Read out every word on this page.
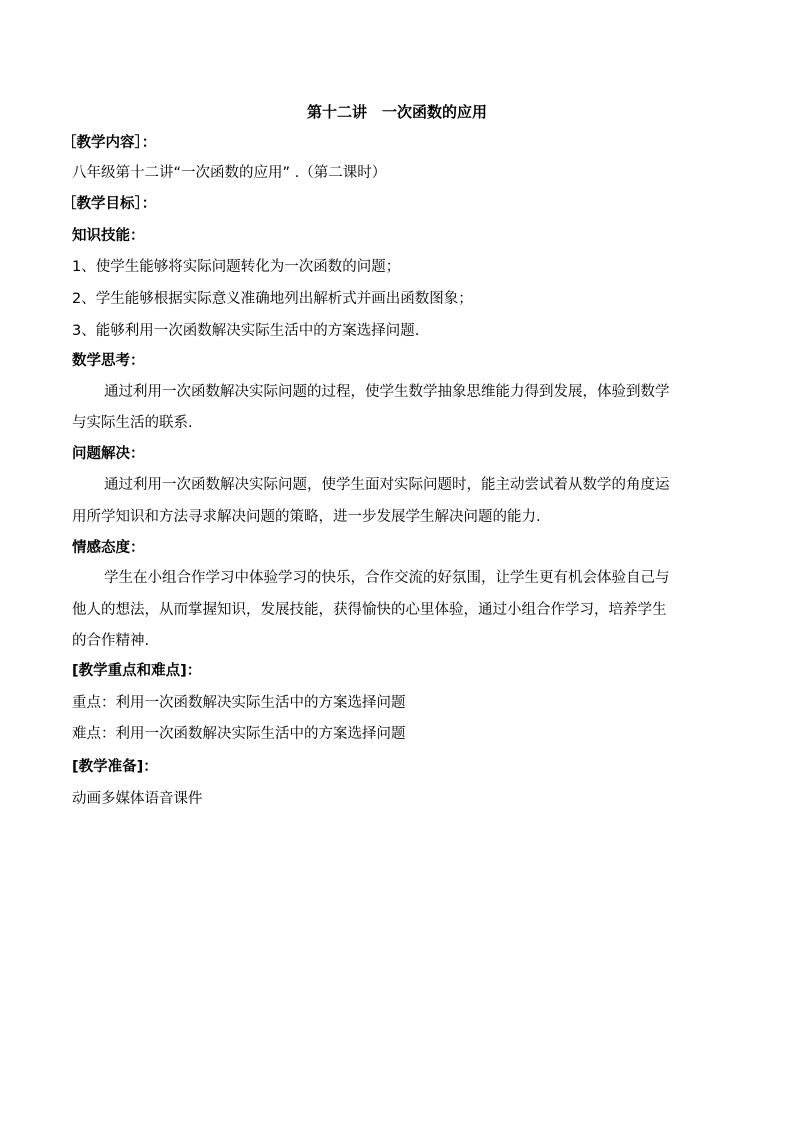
第十二讲　一次函数的应用
［教学内容］：
八年级第十二讲“一次函数的应用” .（第二课时）
［教学目标］：
知识技能：
1、使学生能够将实际问题转化为一次函数的问题；
2、学生能够根据实际意义准确地列出解析式并画出函数图象；
3、能够利用一次函数解决实际生活中的方案选择问题.
数学思考：
通过利用一次函数解决实际问题的过程，使学生数学抽象思维能力得到发展，体验到数学
与实际生活的联系.
问题解决：
通过利用一次函数解决实际问题，使学生面对实际问题时，能主动尝试着从数学的角度运
用所学知识和方法寻求解决问题的策略，进一步发展学生解决问题的能力.
情感态度：
学生在小组合作学习中体验学习的快乐，合作交流的好氛围，让学生更有机会体验自己与
他人的想法，从而掌握知识，发展技能，获得愉快的心里体验，通过小组合作学习，培养学生
的合作精神.
[教学重点和难点]：
重点：利用一次函数解决实际生活中的方案选择问题
难点：利用一次函数解决实际生活中的方案选择问题
[教学准备]：
动画多媒体语音课件
